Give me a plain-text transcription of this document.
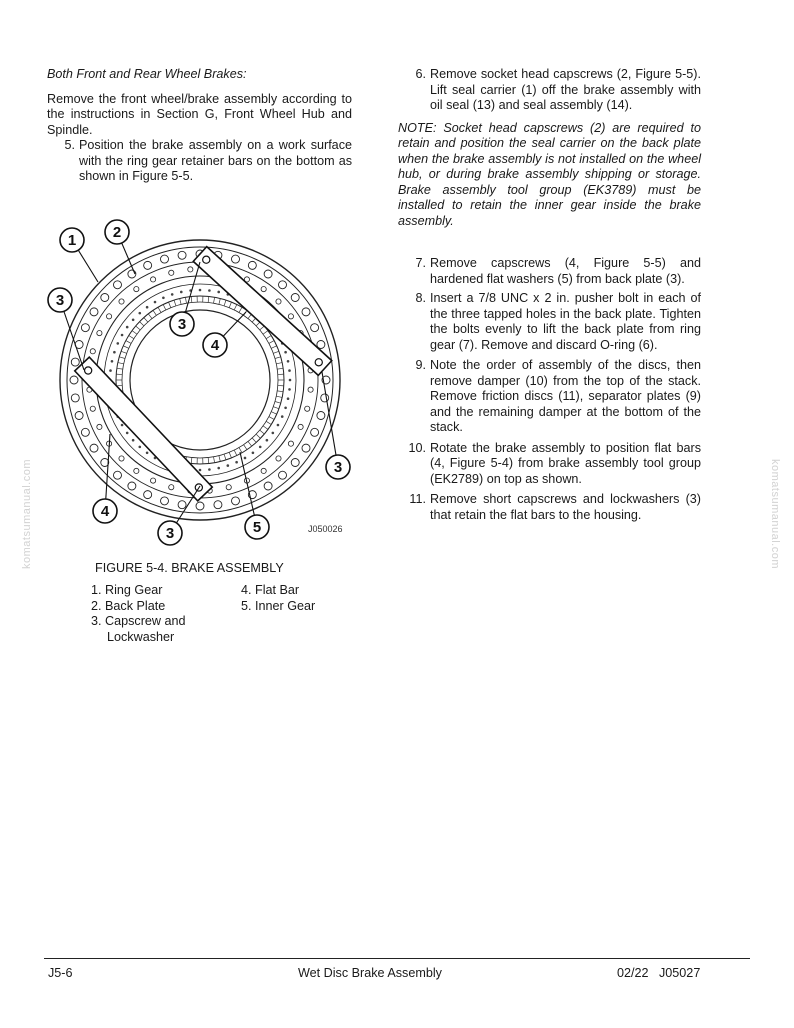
Both Front and Rear Wheel Brakes:

Remove the front wheel/brake assembly according to the instructions in Section G, Front Wheel Hub and Spindle.

5. Position the brake assembly on a work surface with the ring gear retainer bars on the bottom as shown in Figure 5-5.
1 2
3
3
4
3
4
3	5	J050026
FIGURE 5-4. BRAKE ASSEMBLY
1. Ring Gear	4. Flat Bar
2. Back Plate	5. Inner Gear
3. Capscrew and
Lockwasher	
6. Remove socket head capscrews (2, Figure 5-5). Lift seal carrier (1) off the brake assembly with oil seal (13) and seal assembly (14).

NOTE: Socket head capscrews (2) are required to retain and position the seal carrier on the back plate when the brake assembly is not installed on the wheel hub, or during brake assembly shipping or storage. Brake assembly tool group (EK3789) must be installed to retain the inner gear inside the brake assembly.

7. Remove capscrews (4, Figure 5-5) and hardened flat washers (5) from back plate (3).
8. Insert a 7/8 UNC x 2 in. pusher bolt in each of the three tapped holes in the back plate. Tighten the bolts evenly to lift the back plate from ring gear (7). Remove and discard O-ring (6).
9. Note the order of assembly of the discs, then remove damper (10) from the top of the stack. Remove friction discs (11), separator plates (9) and the remaining damper at the bottom of the stack.
10. Rotate the brake assembly to position flat bars (4, Figure 5-4) from brake assembly tool group (EK2789) on top as shown.
11. Remove short capscrews and lockwashers (3) that retain the flat bars to the housing.
komatsumanual.com	komatsumanual.com
J5-6	Wet Disc Brake Assembly	02/22 J05027
